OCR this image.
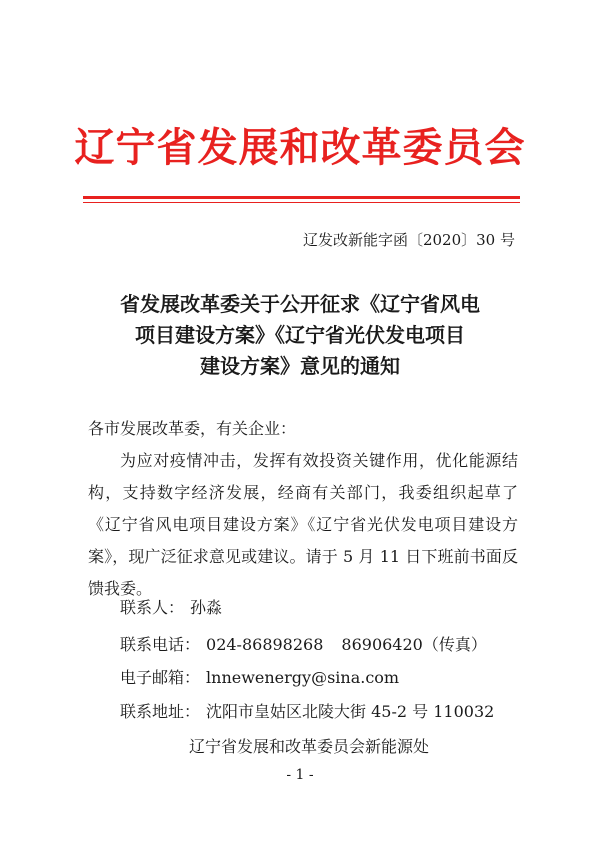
辽宁省发展和改革委员会
辽发改新能字函〔2020〕30 号
省发展改革委关于公开征求《辽宁省风电
项目建设方案》《辽宁省光伏发电项目
建设方案》意见的通知
各市发展改革委，有关企业：
为应对疫情冲击，发挥有效投资关键作用，优化能源结构，支持数字经济发展，经商有关部门，我委组织起草了《辽宁省风电项目建设方案》《辽宁省光伏发电项目建设方案》，现广泛征求意见或建议。请于 5 月 11 日下班前书面反馈我委。
联系人： 孙淼
联系电话： 024-86898268 86906420（传真）
电子邮箱： lnnewenergy@sina.com
联系地址： 沈阳市皇姑区北陵大街 45-2 号 110032
辽宁省发展和改革委员会新能源处
- 1 -
